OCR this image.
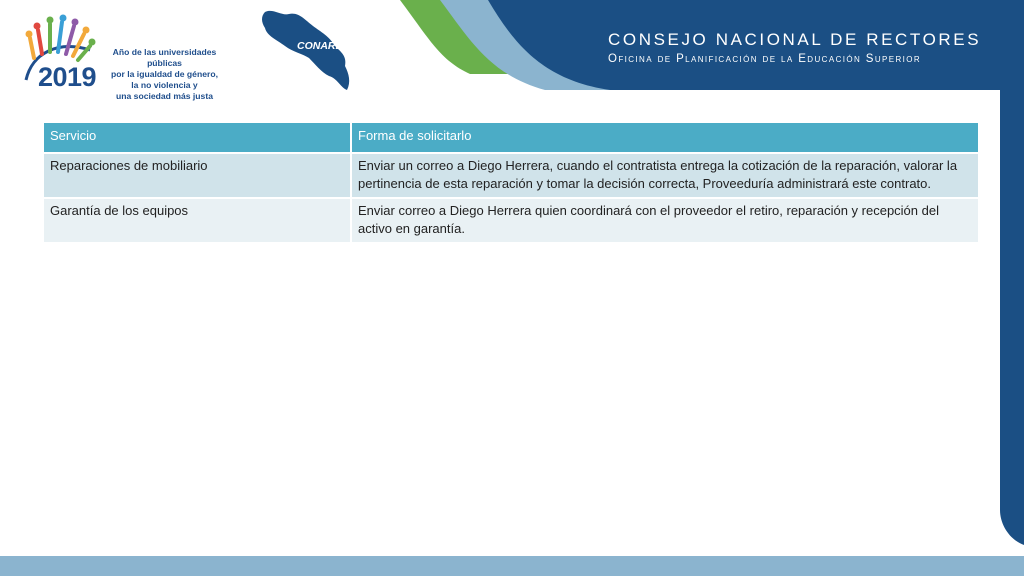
2019
Año de las universidades públicas
por la igualdad de género,
la no violencia y
una sociedad más justa
CONARE	CONSEJO NACIONAL DE RECTORES
Oficina de Planificación de la Educación Superior
Servicio	Forma de solicitarlo
Reparaciones de mobiliario	Enviar un correo a Diego Herrera, cuando el contratista entrega la cotización de la reparación, valorar la pertinencia de esta reparación y tomar la decisión correcta, Proveeduría administrará este contrato.
Garantía de los equipos	Enviar correo a Diego Herrera quien coordinará con el proveedor el retiro, reparación y recepción del activo en garantía.
